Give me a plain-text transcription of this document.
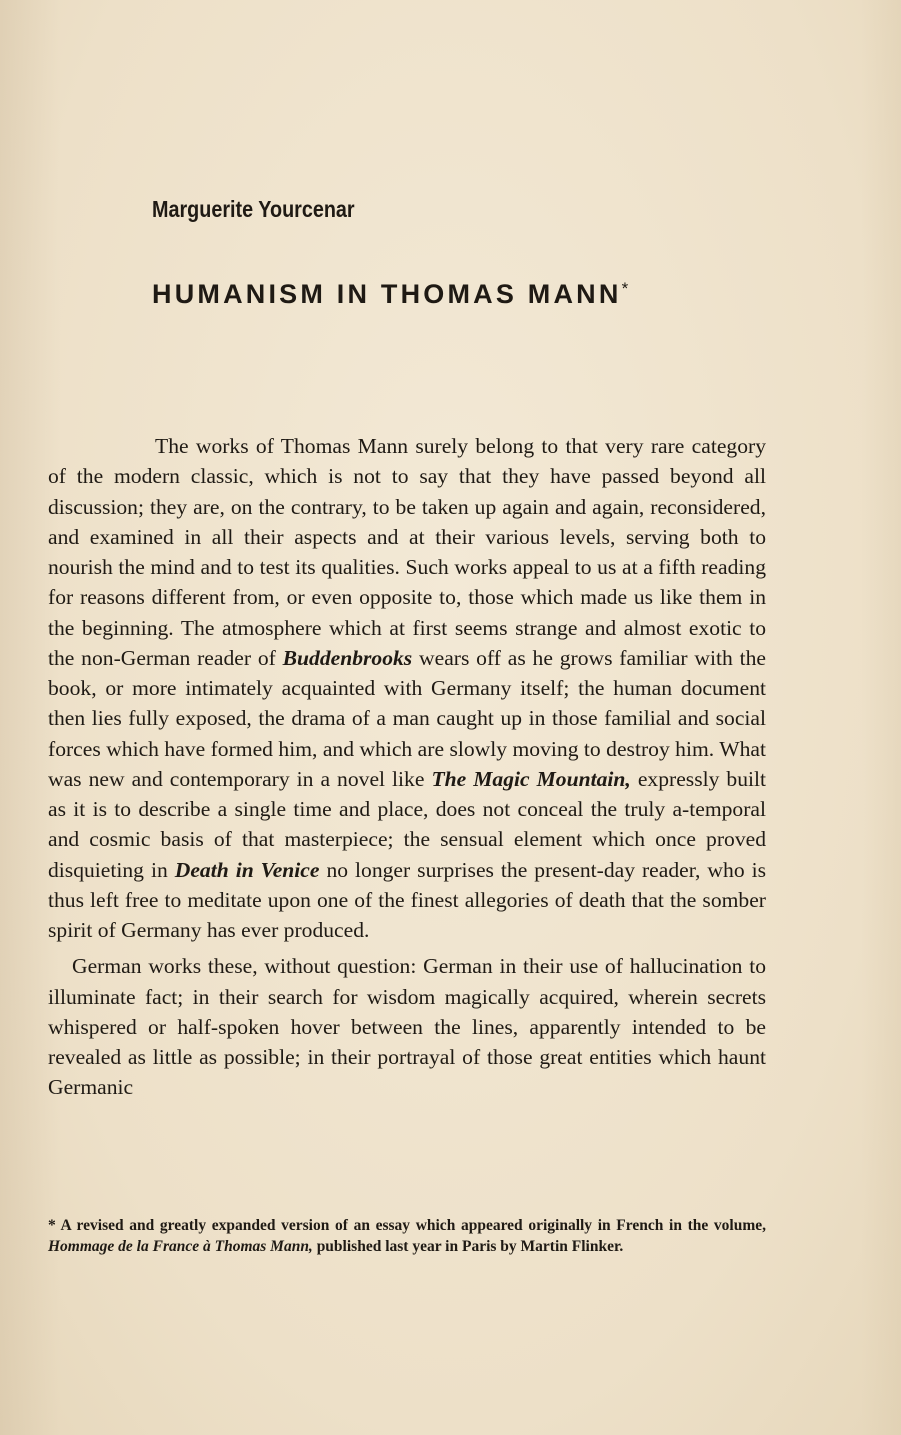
Marguerite Yourcenar
HUMANISM IN THOMAS MANN*

The works of Thomas Mann surely belong to that very rare category of the modern classic, which is not to say that they have passed beyond all discussion; they are, on the contrary, to be taken up again and again, reconsidered, and examined in all their aspects and at their various levels, serving both to nourish the mind and to test its qualities. Such works appeal to us at a fifth reading for reasons different from, or even opposite to, those which made us like them in the beginning. The atmosphere which at first seems strange and almost exotic to the non-German reader of Buddenbrooks wears off as he grows familiar with the book, or more intimately acquainted with Germany itself; the human document then lies fully exposed, the drama of a man caught up in those familial and social forces which have formed him, and which are slowly moving to destroy him. What was new and contemporary in a novel like The Magic Mountain, expressly built as it is to describe a single time and place, does not conceal the truly a-temporal and cosmic basis of that masterpiece; the sensual element which once proved disquieting in Death in Venice no longer surprises the present-day reader, who is thus left free to meditate upon one of the finest allegories of death that the somber spirit of Germany has ever produced.

German works these, without question: German in their use of hallucination to illuminate fact; in their search for wisdom magically acquired, wherein secrets whispered or half-spoken hover between the lines, apparently intended to be revealed as little as possible; in their portrayal of those great entities which haunt Germanic

* A revised and greatly expanded version of an essay which appeared originally in French in the volume, Hommage de la France à Thomas Mann, published last year in Paris by Martin Flinker.
